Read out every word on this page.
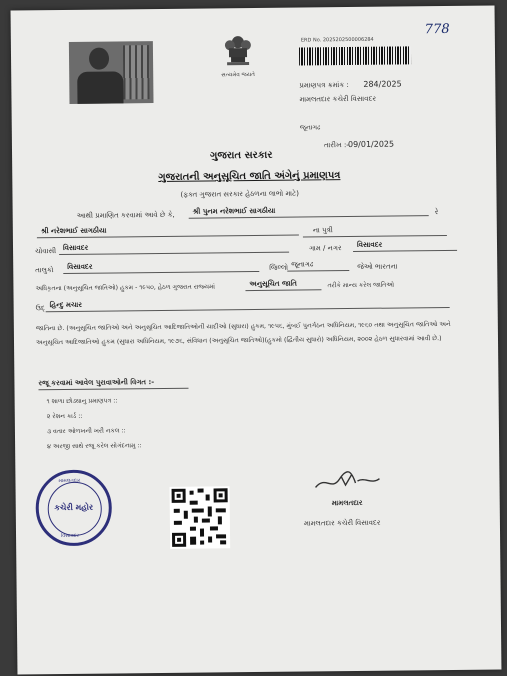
સત્યમેવ જયતે
778
ERD No. 2025202500006284
પ્રમાણપત્ર ક્રમાંક : 284/2025
મામલતદાર કચેરી વિસાવદર
જૂનાગઢ
તારીખ :- 09/01/2025
ગુજરાત સરકાર
ગુજરાતની અનુસૂચિત જાતિ અંગેનું પ્રમાણપત્ર
(ફક્ત ગુજરાત સરકાર હેઠળના લાભો માટે)
આથી પ્રમાણિત કરવામાં આવે છે કે,	શ્રી પુનમ નરેશભાઈ સાગઠીયા	રે
શ્રી નરેશભાઈ સાગઠીયા	ના પુત્રી
ચોવાસી વિસાવદર	ગામ / નગર વિસાવદર
તાલુકો વિસાવદર	જિલ્લો જૂનાગઢ	જેઓ ભારતના
અધિકૃતના (અનુસૂચિત જાતિઓ) હુકમ - ૧૯૫૦, હેઠળ ગુજરાત રાજ્યમાં	અનુસૂચિત જાતિ	તરીકે માન્ય કરેલ જાતિઓ
ઉદ્ હિન્દુ મચાર
જાતિના છે. (અનુસૂચિત જાતિઓ અને અનુસૂચિત આદિજાતિઓની યાદીઓ (સુધારા) હુકમ, ૧૯૫૬, મુંબઈ પુનર્ગઠન અધિનિયમ, ૧૯૬૦ તથા અનુસૂચિત જાતિઓ અને અનુસૂચિત આદિજાતિઓ હુકમ (સુધારા અધિનિયમ, ૧૯૭૬, સંવિધાન (અનુસૂચિત જાતિઓ)(હુકમો (દ્વિતીય સુધારો) અધિનિયમ, ૨૦૦૨ હેઠળ સુધારવામાં આવી છે.)
રજૂ કરવામાં આવેલ પુરાવાઓની વિગત :-
૧ શાળા છોડ્યાનુ પ્રમાણપત્ર ::
૨ રેશન કાર્ડ ::
૩ વતાર ઓળખની ખરી નકલ ::
૪ અરજી સાથે રજૂ કરેલ સોગંદનામુ ::
મામલતદાર
કચેરી મહોર
વિસાવદર
મામલતદાર
મામલતદાર કચેરી વિસાવદર
